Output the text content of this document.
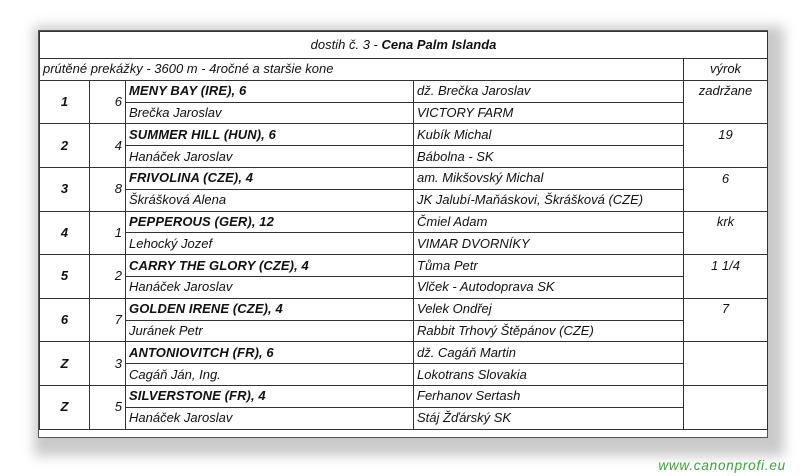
dostih č. 3 - Cena Palm Islanda				
prútěné prekážky - 3600 m - 4ročné a staršie kone				výrok
1	6	MENY BAY (IRE), 6	dž. Brečka Jaroslav	zadržane
		Brečka Jaroslav	VICTORY FARM	
2	4	SUMMER HILL (HUN), 6	Kubík Michal	19
		Hanáček Jaroslav	Bábolna - SK	
3	8	FRIVOLINA (CZE), 4	am. Mikšovský Michal	6
		Škrášková Alena	JK Jalubí-Maňáskovi, Škrášková (CZE)	
4	1	PEPPEROUS (GER), 12	Čmiel Adam	krk
		Lehocký Jozef	VIMAR DVORNÍKY	
5	2	CARRY THE GLORY (CZE), 4	Tůma Petr	1 1/4
		Hanáček Jaroslav	Vlček - Autodoprava SK	
6	7	GOLDEN IRENE (CZE), 4	Velek Ondřej	7
		Juránek Petr	Rabbit Trhový Štěpánov (CZE)	
Z	3	ANTONIOVITCH (FR), 6	dž. Cagáň Martin	
		Cagáň Ján, Ing.	Lokotrans Slovakia	
Z	5	SILVERSTONE (FR), 4	Ferhanov Sertash	
		Hanáček Jaroslav	Stáj Žďárský SK	
www.canonprofi.eu
